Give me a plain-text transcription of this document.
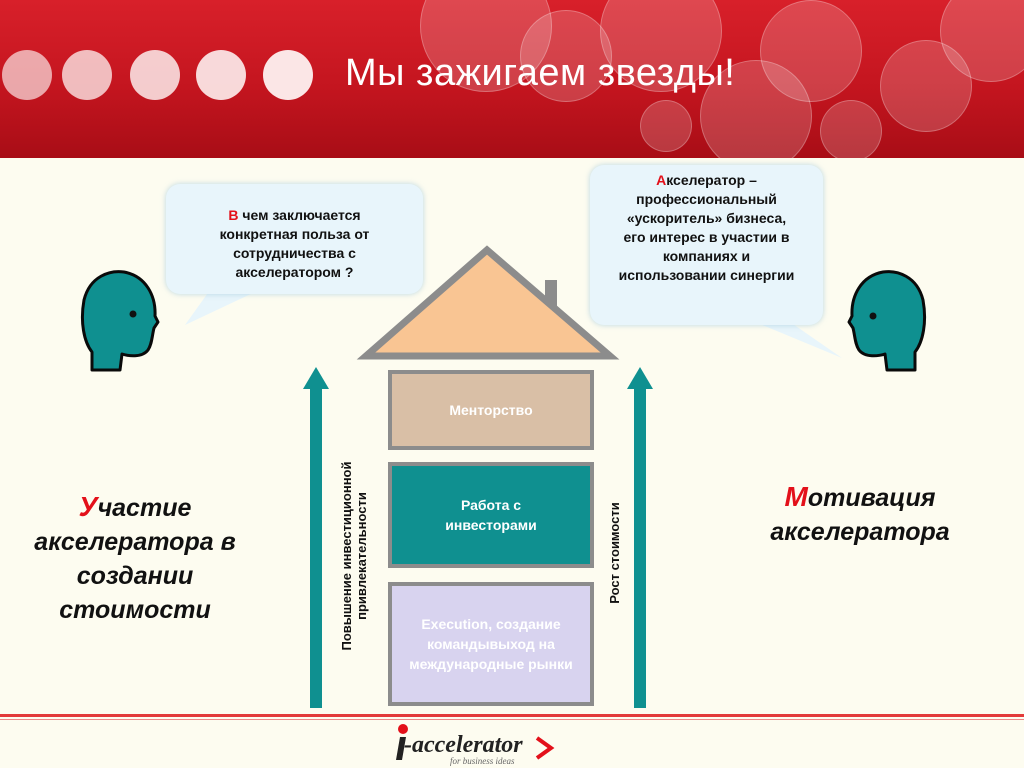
Мы зажигаем звезды!
В чем заключается конкретная польза от сотрудничества с акселератором ?
Акселератор – профессиональный «ускоритель» бизнеса, его интерес в участии в компаниях и использовании синергии
Менторство
Работа с инвесторами
Execution, создание командывыход на международные рынки
Повышение инвестиционной привлекательности	Рост стоимости
Участие акселератора в создании стоимости
Мотивация акселератора
-accelerator
for business ideas
